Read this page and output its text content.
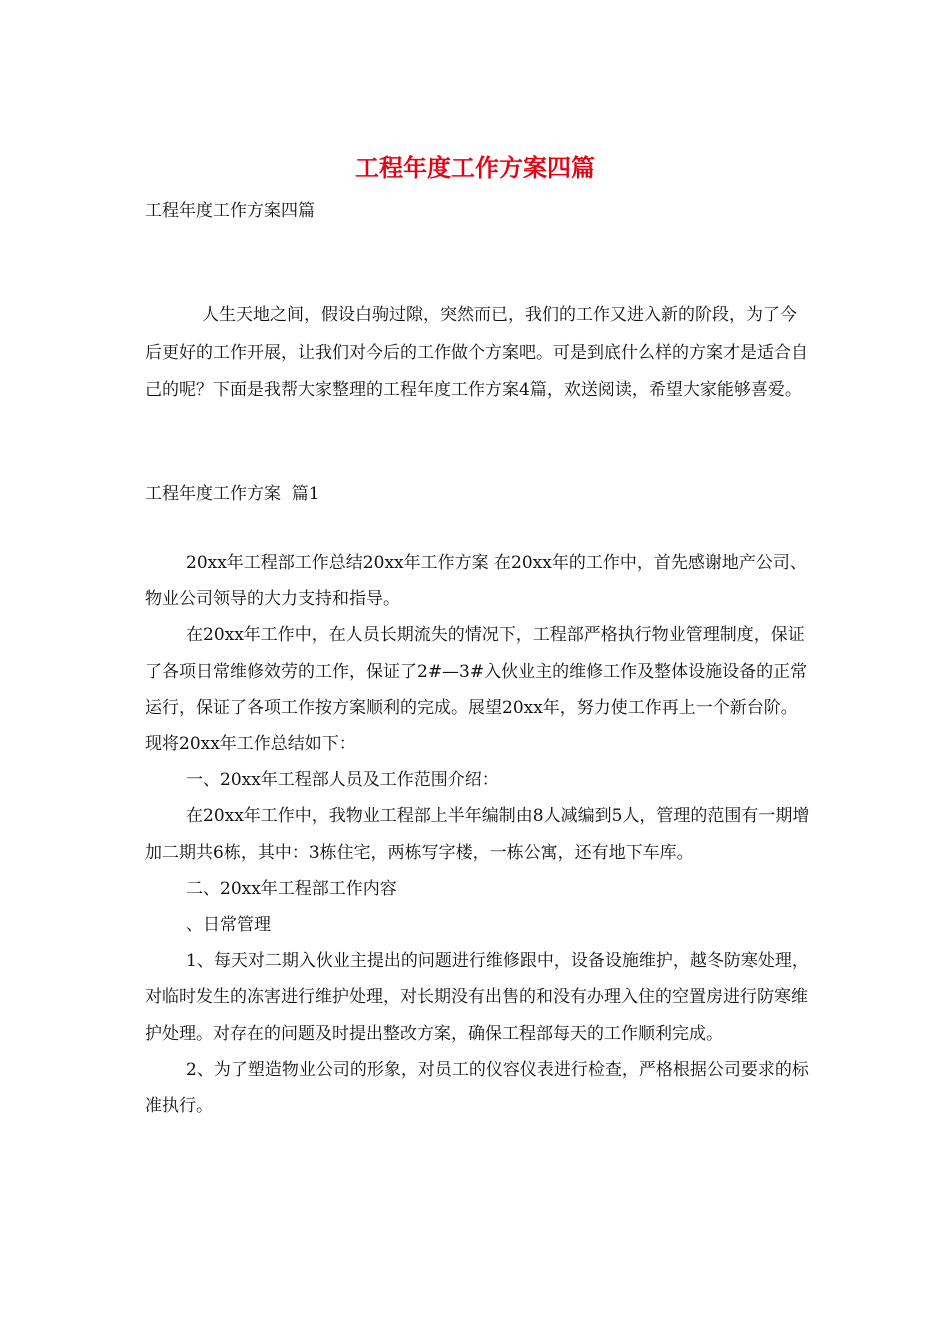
工程年度工作方案四篇
工程年度工作方案四篇

人生天地之间，假设白驹过隙，突然而已，我们的工作又进入新的阶段，为了今后更好的工作开展，让我们对今后的工作做个方案吧。可是到底什么样的方案才是适合自己的呢？下面是我帮大家整理的工程年度工作方案4篇，欢送阅读，希望大家能够喜爱。

工程年度工作方案  篇1

20xx年工程部工作总结20xx年工作方案 在20xx年的工作中，首先感谢地产公司、物业公司领导的大力支持和指导。

在20xx年工作中，在人员长期流失的情况下，工程部严格执行物业管理制度，保证了各项日常维修效劳的工作，保证了2#—3#入伙业主的维修工作及整体设施设备的正常运行，保证了各项工作按方案顺利的完成。展望20xx年，努力使工作再上一个新台阶。现将20xx年工作总结如下：

一、20xx年工程部人员及工作范围介绍：

在20xx年工作中，我物业工程部上半年编制由8人减编到5人，管理的范围有一期增加二期共6栋，其中：3栋住宅，两栋写字楼，一栋公寓，还有地下车库。

二、20xx年工程部工作内容

、日常管理

1、每天对二期入伙业主提出的问题进行维修跟中，设备设施维护，越冬防寒处理，对临时发生的冻害进行维护处理，对长期没有出售的和没有办理入住的空置房进行防寒维护处理。对存在的问题及时提出整改方案，确保工程部每天的工作顺利完成。

2、为了塑造物业公司的形象，对员工的仪容仪表进行检查，严格根据公司要求的标准执行。
